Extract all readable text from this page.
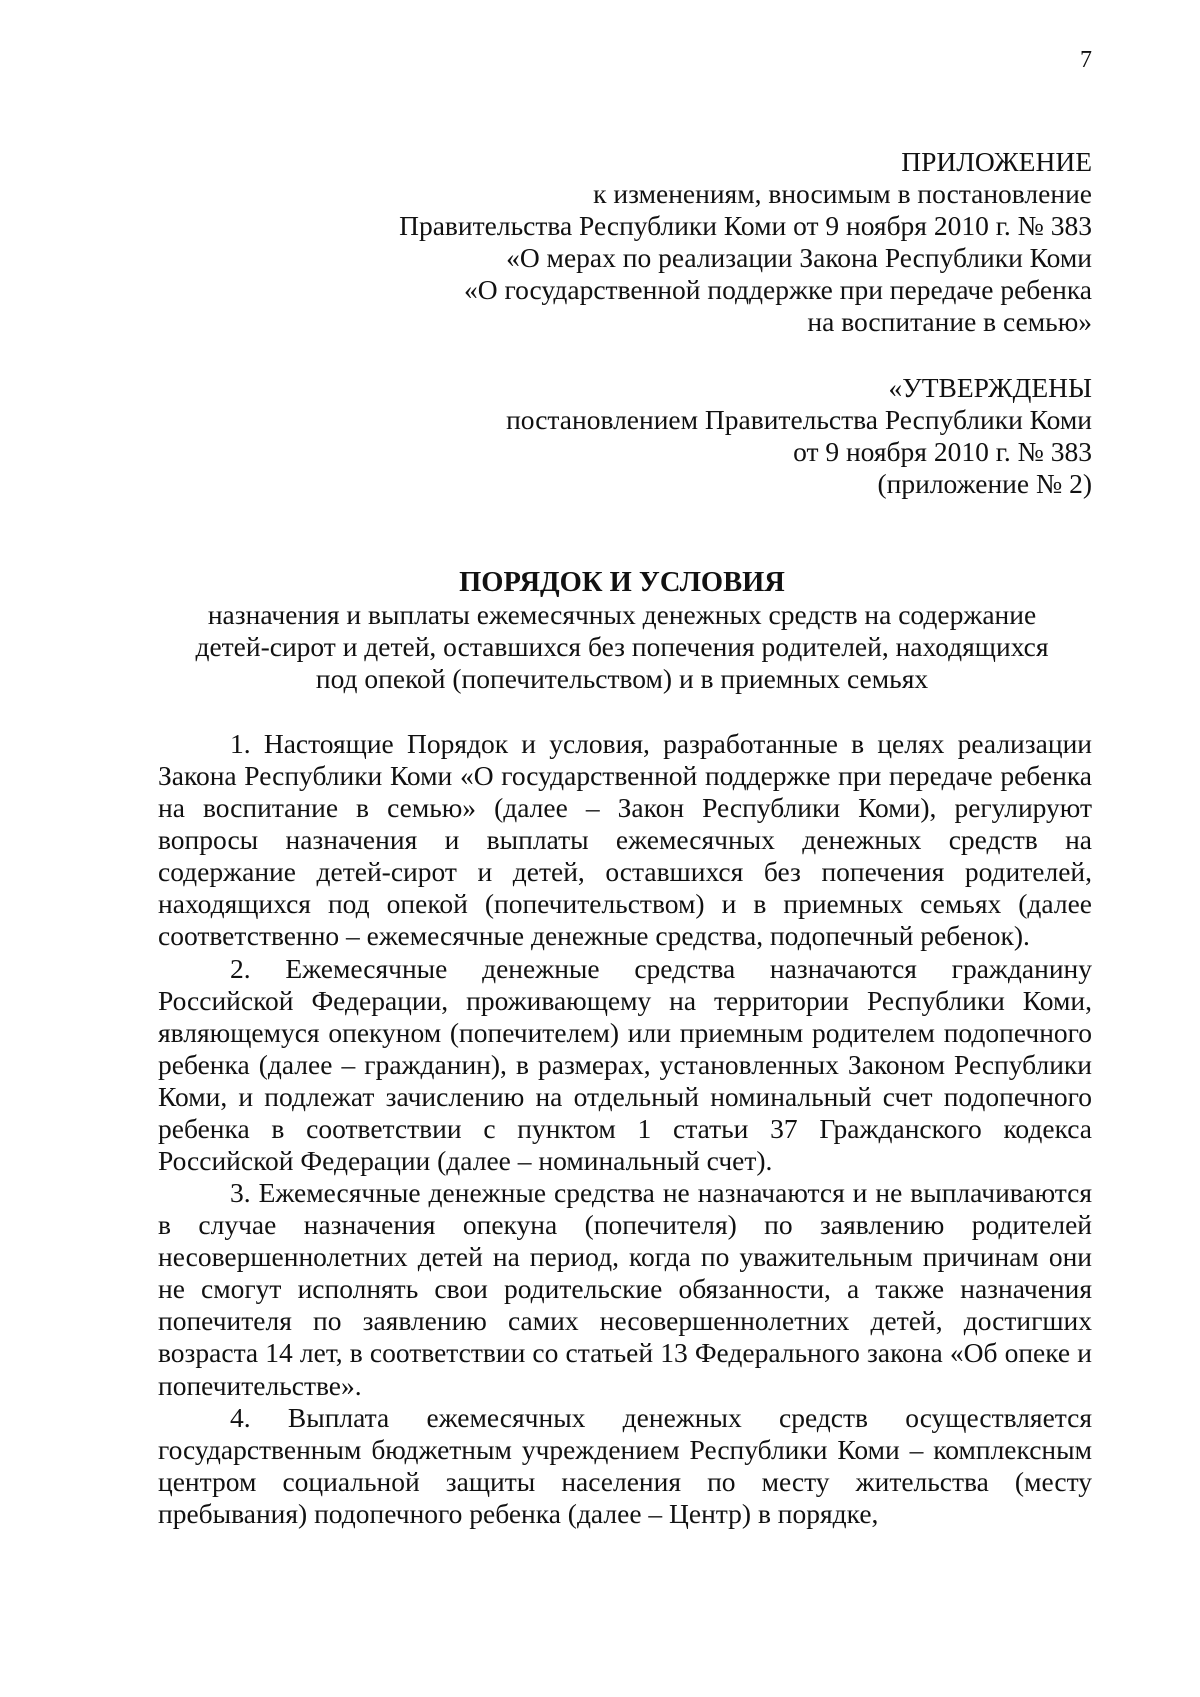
7
ПРИЛОЖЕНИЕ
к изменениям, вносимым в постановление
Правительства Республики Коми от 9 ноября 2010 г. № 383
«О мерах по реализации Закона Республики Коми
«О государственной поддержке при передаче ребенка
на воспитание в семью»
«УТВЕРЖДЕНЫ
постановлением Правительства Республики Коми
от 9 ноября 2010 г. № 383
(приложение № 2)
ПОРЯДОК И УСЛОВИЯ
назначения и выплаты ежемесячных денежных средств на содержание
детей-сирот и детей, оставшихся без попечения родителей, находящихся
под опекой (попечительством) и в приемных семьях

1. Настоящие Порядок и условия, разработанные в целях реализации Закона Республики Коми «О государственной поддержке при передаче ребенка на воспитание в семью» (далее – Закон Республики Коми), регулируют вопросы назначения и выплаты ежемесячных денежных средств на содержание детей-сирот и детей, оставшихся без попечения родителей, находящихся под опекой (попечительством) и в приемных семьях (далее соответственно – ежемесячные денежные средства, подопечный ребенок).

2. Ежемесячные денежные средства назначаются гражданину Российской Федерации, проживающему на территории Республики Коми, являющемуся опекуном (попечителем) или приемным родителем подопечного ребенка (далее – гражданин), в размерах, установленных Законом Республики Коми, и подлежат зачислению на отдельный номинальный счет подопечного ребенка в соответствии с пунктом 1 статьи 37 Гражданского кодекса Российской Федерации (далее – номинальный счет).

3. Ежемесячные денежные средства не назначаются и не выплачиваются в случае назначения опекуна (попечителя) по заявлению родителей несовершеннолетних детей на период, когда по уважительным причинам они не смогут исполнять свои родительские обязанности, а также назначения попечителя по заявлению самих несовершеннолетних детей, достигших возраста 14 лет, в соответствии со статьей 13 Федерального закона «Об опеке и попечительстве».

4. Выплата ежемесячных денежных средств осуществляется государственным бюджетным учреждением Республики Коми – комплексным центром социальной защиты населения по месту жительства (месту пребывания) подопечного ребенка (далее – Центр) в порядке,
